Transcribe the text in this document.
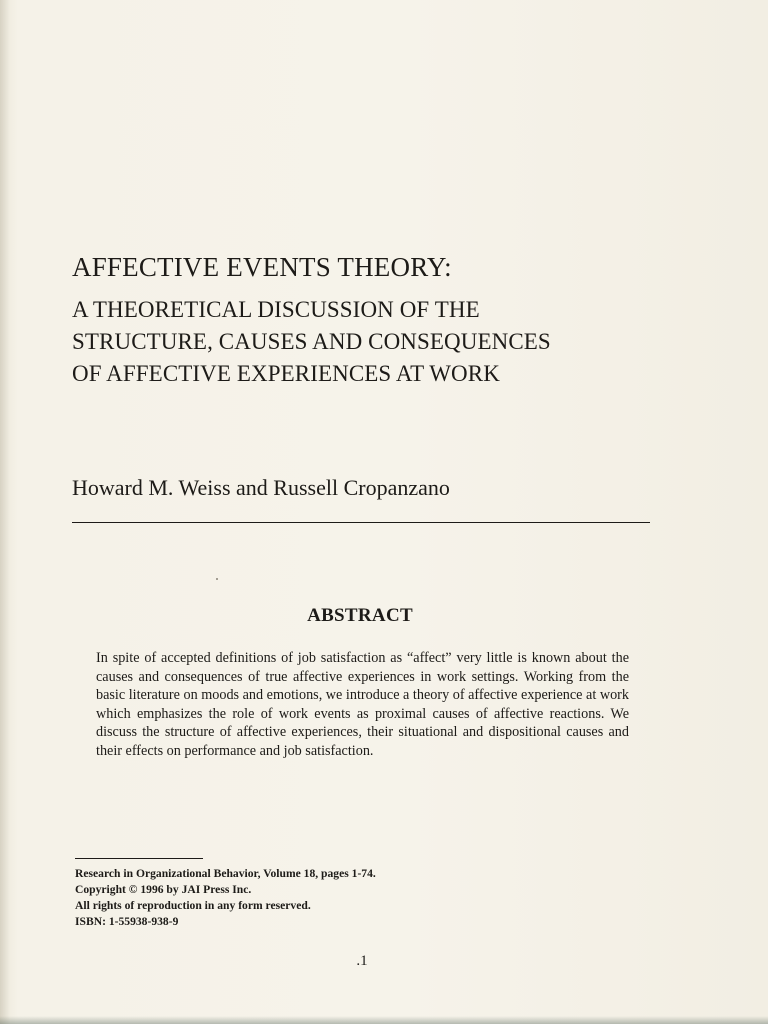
AFFECTIVE EVENTS THEORY:
A THEORETICAL DISCUSSION OF THE
STRUCTURE, CAUSES AND CONSEQUENCES
OF AFFECTIVE EXPERIENCES AT WORK

Howard M. Weiss and Russell Cropanzano

ABSTRACT

In spite of accepted definitions of job satisfaction as “affect” very little is known about the causes and consequences of true affective experiences in work settings. Working from the basic literature on moods and emotions, we introduce a theory of affective experience at work which emphasizes the role of work events as proximal causes of affective reactions. We discuss the structure of affective experiences, their situational and dispositional causes and their effects on performance and job satisfaction.

Research in Organizational Behavior, Volume 18, pages 1-74.
Copyright © 1996 by JAI Press Inc.
All rights of reproduction in any form reserved.
ISBN: 1-55938-938-9

.1
